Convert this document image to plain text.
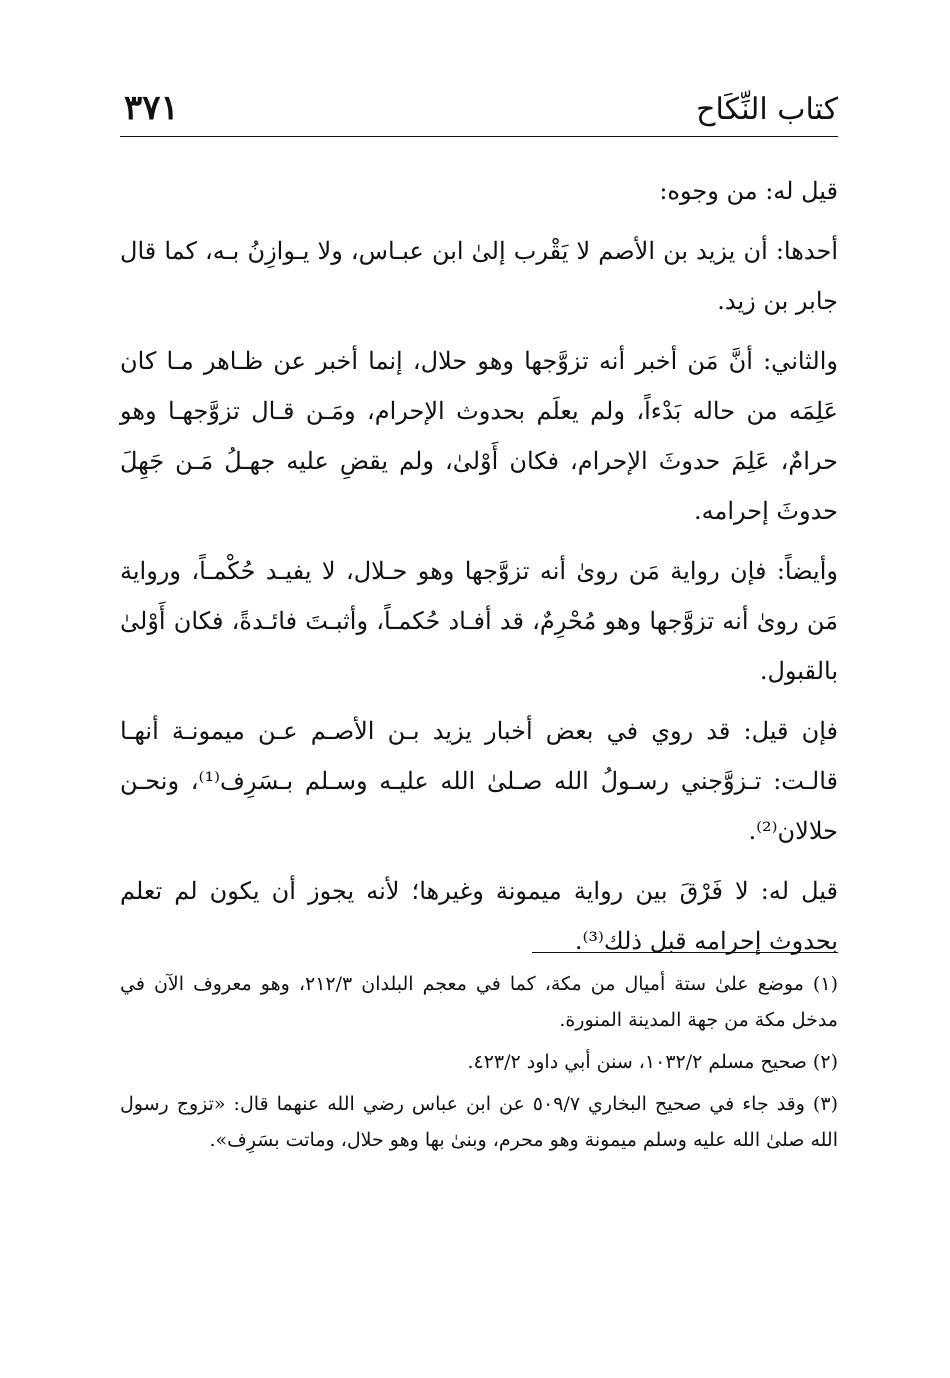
كتاب النِّكَاح
٣٧١

قيل له: من وجوه:

أحدها: أن يزيد بن الأصم لا يَقْرب إلىٰ ابن عبـاس، ولا يـوازِنُ بـه، كما قال جابر بن زيد.

والثاني: أنَّ مَن أخبر أنه تزوَّجها وهو حلال، إنما أخبر عن ظـاهر مـا كان عَلِمَه من حاله بَدْءاً، ولم يعلَم بحدوث الإحرام، ومَـن قـال تزوَّجهـا وهو حرامٌ، عَلِمَ حدوثَ الإحرام، فكان أَوْلىٰ، ولم يقضِ عليه جهـلُ مَـن جَهِلَ حدوثَ إحرامه.

وأيضاً: فإن رواية مَن روىٰ أنه تزوَّجها وهو حـلال، لا يفيـد حُكْمـاً، ورواية مَن روىٰ أنه تزوَّجها وهو مُحْرِمٌ، قد أفـاد حُكمـاً، وأثبـتَ فائـدةً، فكان أَوْلىٰ بالقبول.

فإن قيل: قد روي في بعض أخبار يزيد بـن الأصـم عـن ميمونـة أنهـا قالـت: تـزوَّجني رسـولُ الله صـلىٰ الله عليـه وسـلم بـسَرِف⁽¹⁾، ونحـن حلالان⁽²⁾.

قيل له: لا فَرْقَ بين رواية ميمونة وغيرها؛ لأنه يجوز أن يكون لم تعلم بحدوث إحرامه قبل ذلك⁽³⁾.

(١) موضع علىٰ ستة أميال من مكة، كما في معجم البلدان ٢١٢/٣، وهو معروف الآن في مدخل مكة من جهة المدينة المنورة.

(٢) صحيح مسلم ١٠٣٢/٢، سنن أبي داود ٤٢٣/٢.

(٣) وقد جاء في صحيح البخاري ٥٠٩/٧ عن ابن عباس رضي الله عنهما قال: «تزوج رسول الله صلىٰ الله عليه وسلم ميمونة وهو محرم، وبنىٰ بها وهو حلال، وماتت بسَرِف».
